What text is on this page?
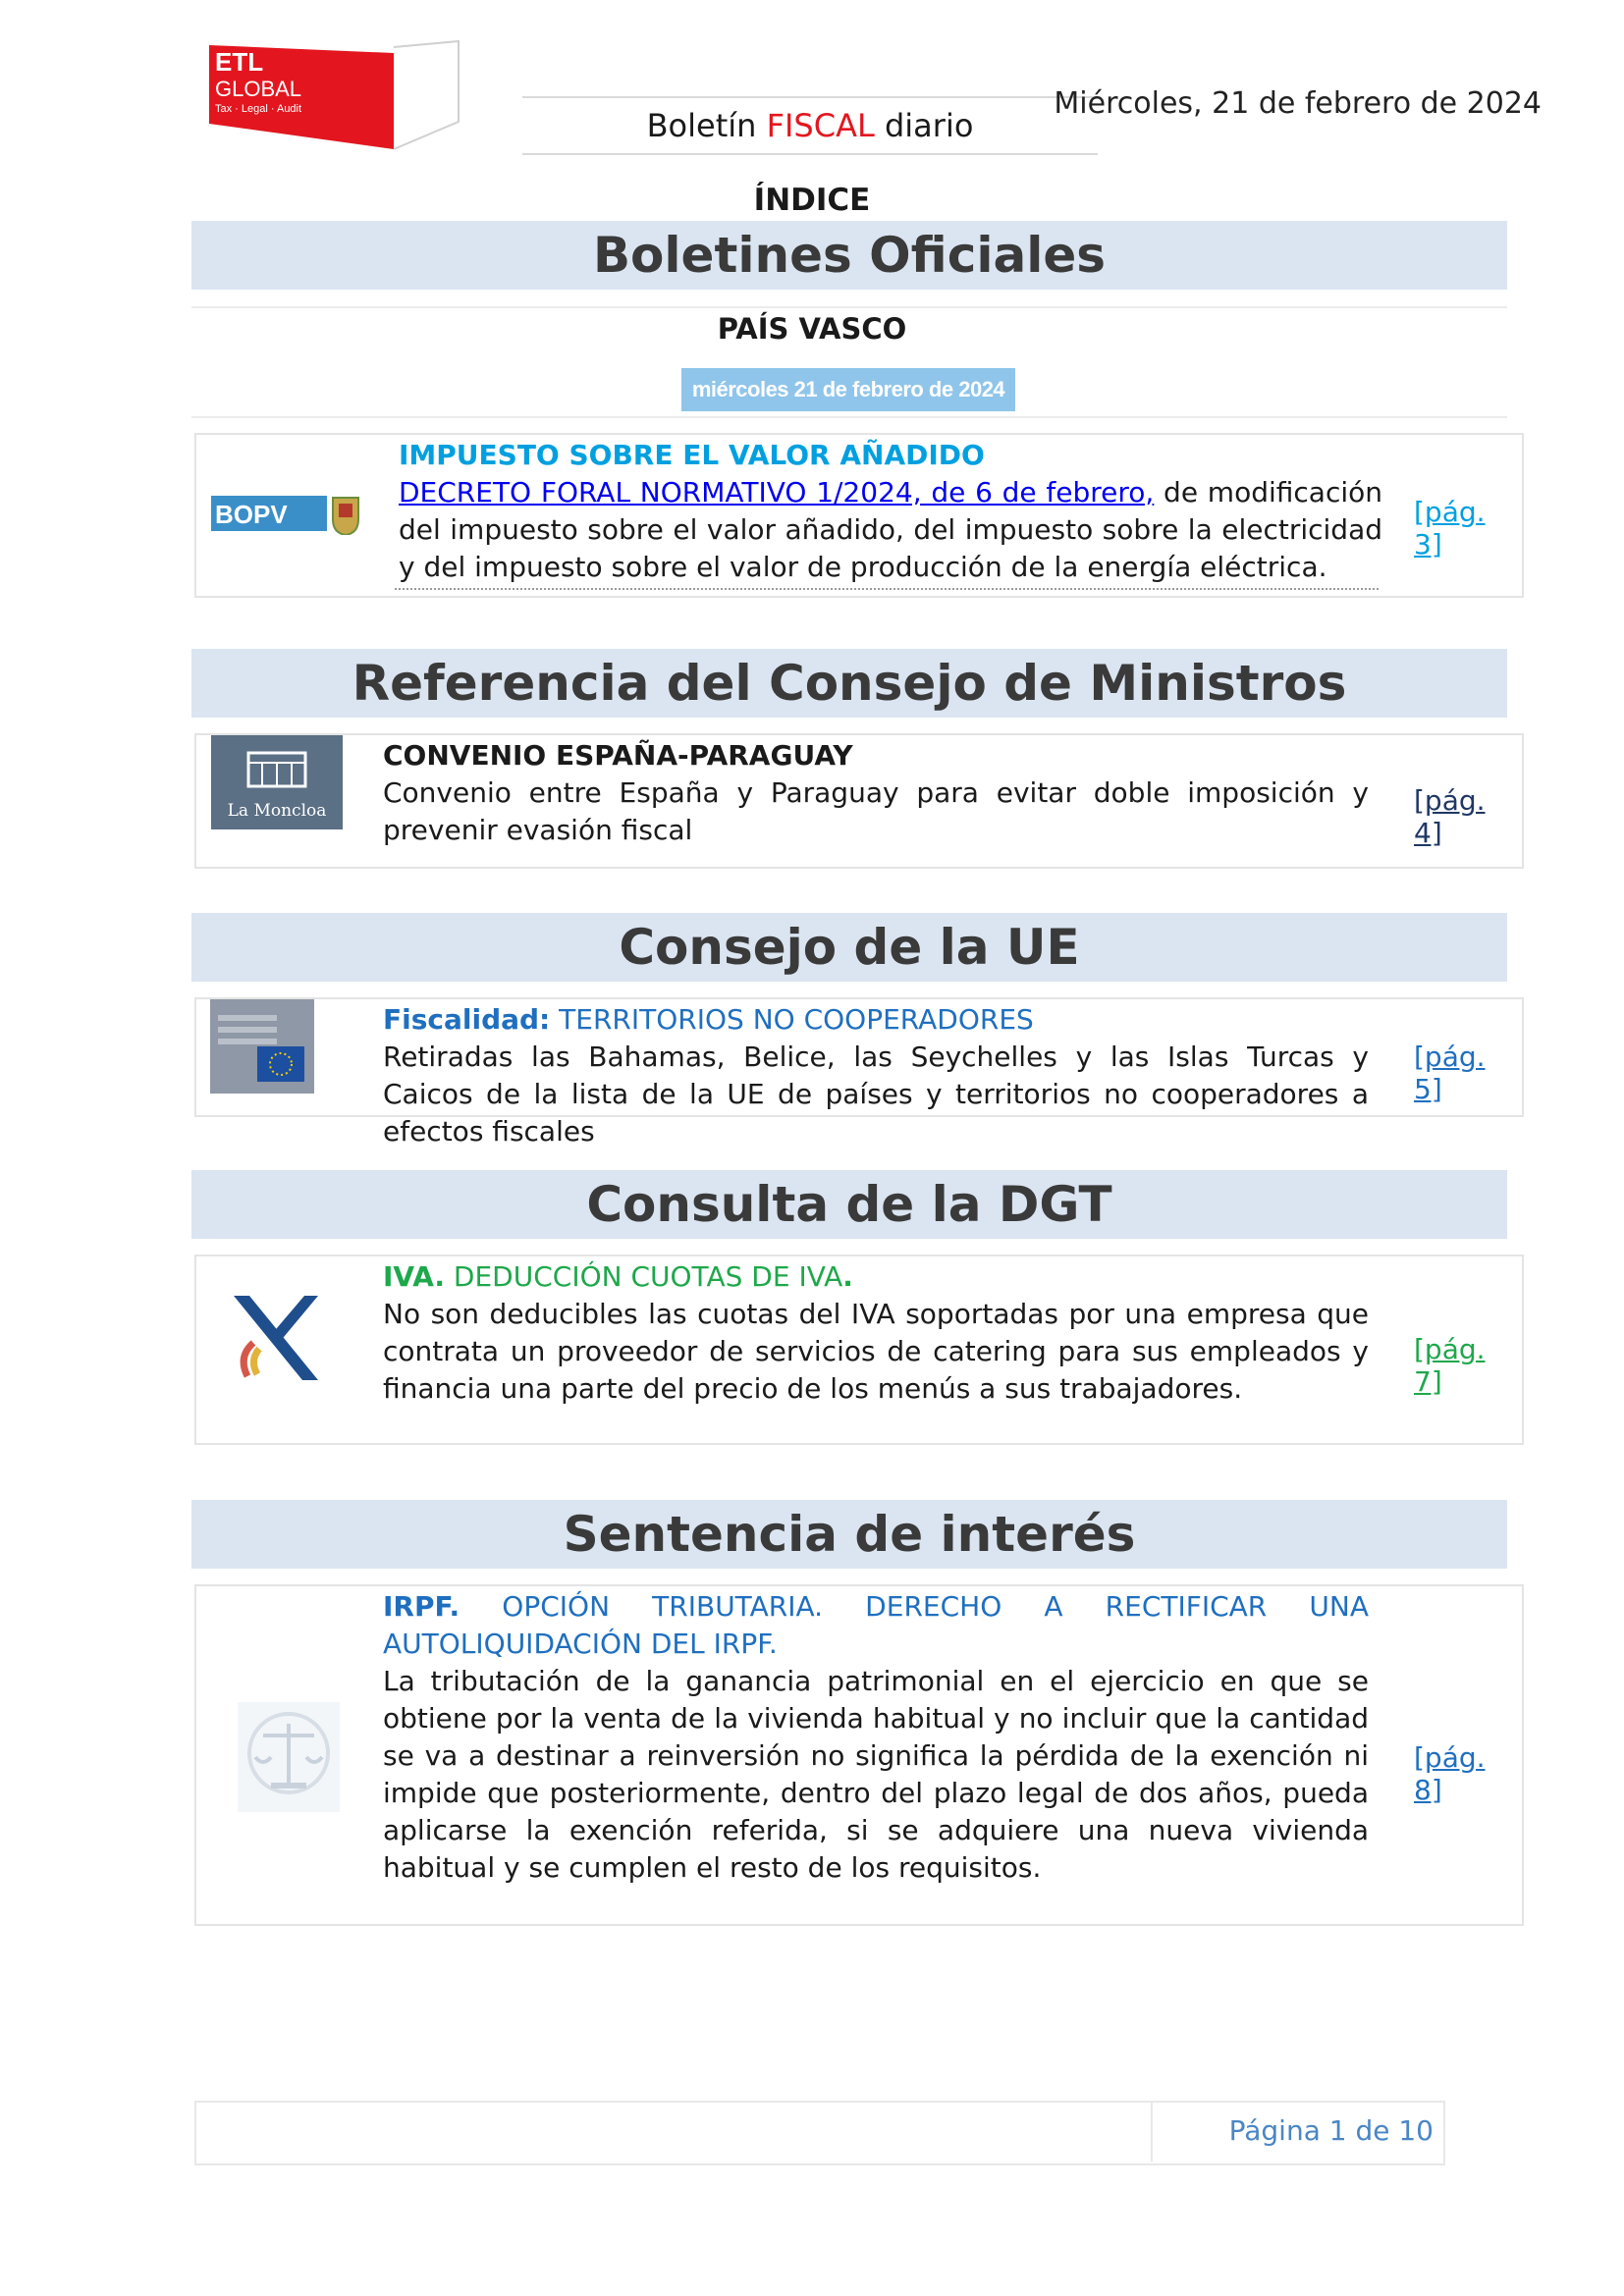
ETL
GLOBAL
Tax · Legal · Audit	Boletín FISCAL diario
Miércoles, 21 de febrero de 2024
ÍNDICE
Boletines Oficiales
PAÍS VASCO
miércoles 21 de febrero de 2024
BOPV
IMPUESTO SOBRE EL VALOR AÑADIDO
DECRETO FORAL NORMATIVO 1/2024, de 6 de febrero, de modificación del impuesto sobre el valor añadido, del impuesto sobre la electricidad y del impuesto sobre el valor de producción de la energía eléctrica.
[pág. 3]
Referencia del Consejo de Ministros
La Moncloa
CONVENIO ESPAÑA-PARAGUAY
Convenio entre España y Paraguay para evitar doble imposición y prevenir evasión fiscal
[pág. 4]
Consejo de la UE
Fiscalidad: TERRITORIOS NO COOPERADORES
Retiradas las Bahamas, Belice, las Seychelles y las Islas Turcas y Caicos de la lista de la UE de países y territorios no cooperadores a efectos fiscales
[pág. 5]
Consulta de la DGT
IVA. DEDUCCIÓN CUOTAS DE IVA.
No son deducibles las cuotas del IVA soportadas por una empresa que contrata un proveedor de servicios de catering para sus empleados y financia una parte del precio de los menús a sus trabajadores.
[pág. 7]
Sentencia de interés
IRPF. OPCIÓN TRIBUTARIA. DERECHO A RECTIFICAR UNA AUTOLIQUIDACIÓN DEL IRPF.
La tributación de la ganancia patrimonial en el ejercicio en que se obtiene por la venta de la vivienda habitual y no incluir que la cantidad se va a destinar a reinversión no significa la pérdida de la exención ni impide que posteriormente, dentro del plazo legal de dos años, pueda aplicarse la exención referida, si se adquiere una nueva vivienda habitual y se cumplen el resto de los requisitos.
[pág. 8]
Página 1 de 10
